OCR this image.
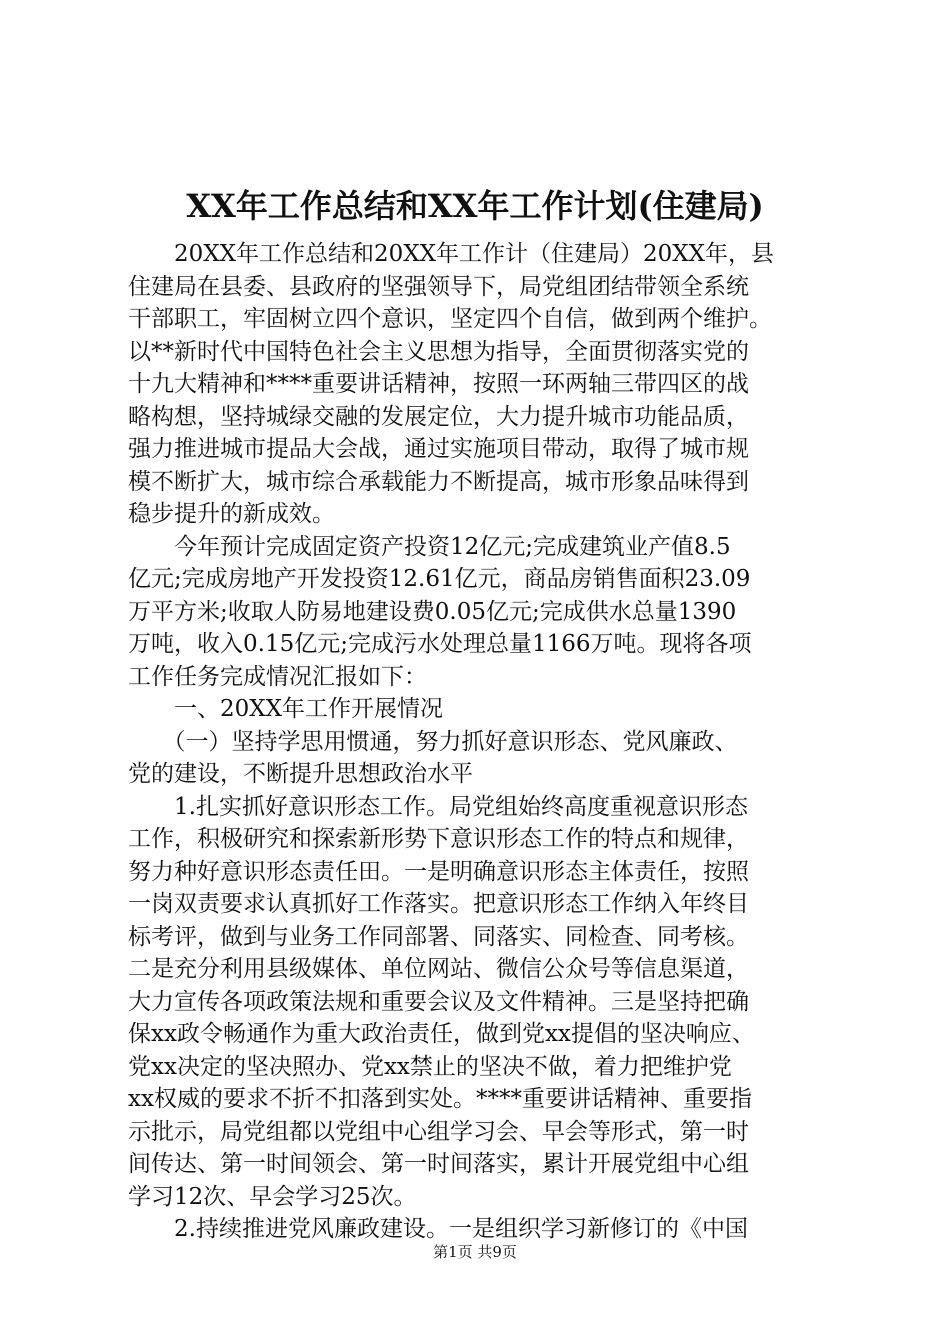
XX年工作总结和XX年工作计划(住建局)
　　20XX年工作总结和20XX年工作计（住建局）20XX年，县
住建局在县委、县政府的坚强领导下，局党组团结带领全系统
干部职工，牢固树立四个意识，坚定四个自信，做到两个维护。
以**新时代中国特色社会主义思想为指导，全面贯彻落实党的
十九大精神和****重要讲话精神，按照一环两轴三带四区的战
略构想，坚持城绿交融的发展定位，大力提升城市功能品质，
强力推进城市提品大会战，通过实施项目带动，取得了城市规
模不断扩大，城市综合承载能力不断提高，城市形象品味得到
稳步提升的新成效。
　　今年预计完成固定资产投资12亿元;完成建筑业产值8.5
亿元;完成房地产开发投资12.61亿元，商品房销售面积23.09
万平方米;收取人防易地建设费0.05亿元;完成供水总量1390
万吨，收入0.15亿元;完成污水处理总量1166万吨。现将各项
工作任务完成情况汇报如下：
　　一、20XX年工作开展情况
　　（一）坚持学思用惯通，努力抓好意识形态、党风廉政、
党的建设，不断提升思想政治水平
　　1.扎实抓好意识形态工作。局党组始终高度重视意识形态
工作，积极研究和探索新形势下意识形态工作的特点和规律，
努力种好意识形态责任田。一是明确意识形态主体责任，按照
一岗双责要求认真抓好工作落实。把意识形态工作纳入年终目
标考评，做到与业务工作同部署、同落实、同检查、同考核。
二是充分利用县级媒体、单位网站、微信公众号等信息渠道，
大力宣传各项政策法规和重要会议及文件精神。三是坚持把确
保xx政令畅通作为重大政治责任，做到党xx提倡的坚决响应、
党xx决定的坚决照办、党xx禁止的坚决不做，着力把维护党
xx权威的要求不折不扣落到实处。****重要讲话精神、重要指
示批示，局党组都以党组中心组学习会、早会等形式，第一时
间传达、第一时间领会、第一时间落实，累计开展党组中心组
学习12次、早会学习25次。
　　2.持续推进党风廉政建设。一是组织学习新修订的《中国
第1页 共9页
